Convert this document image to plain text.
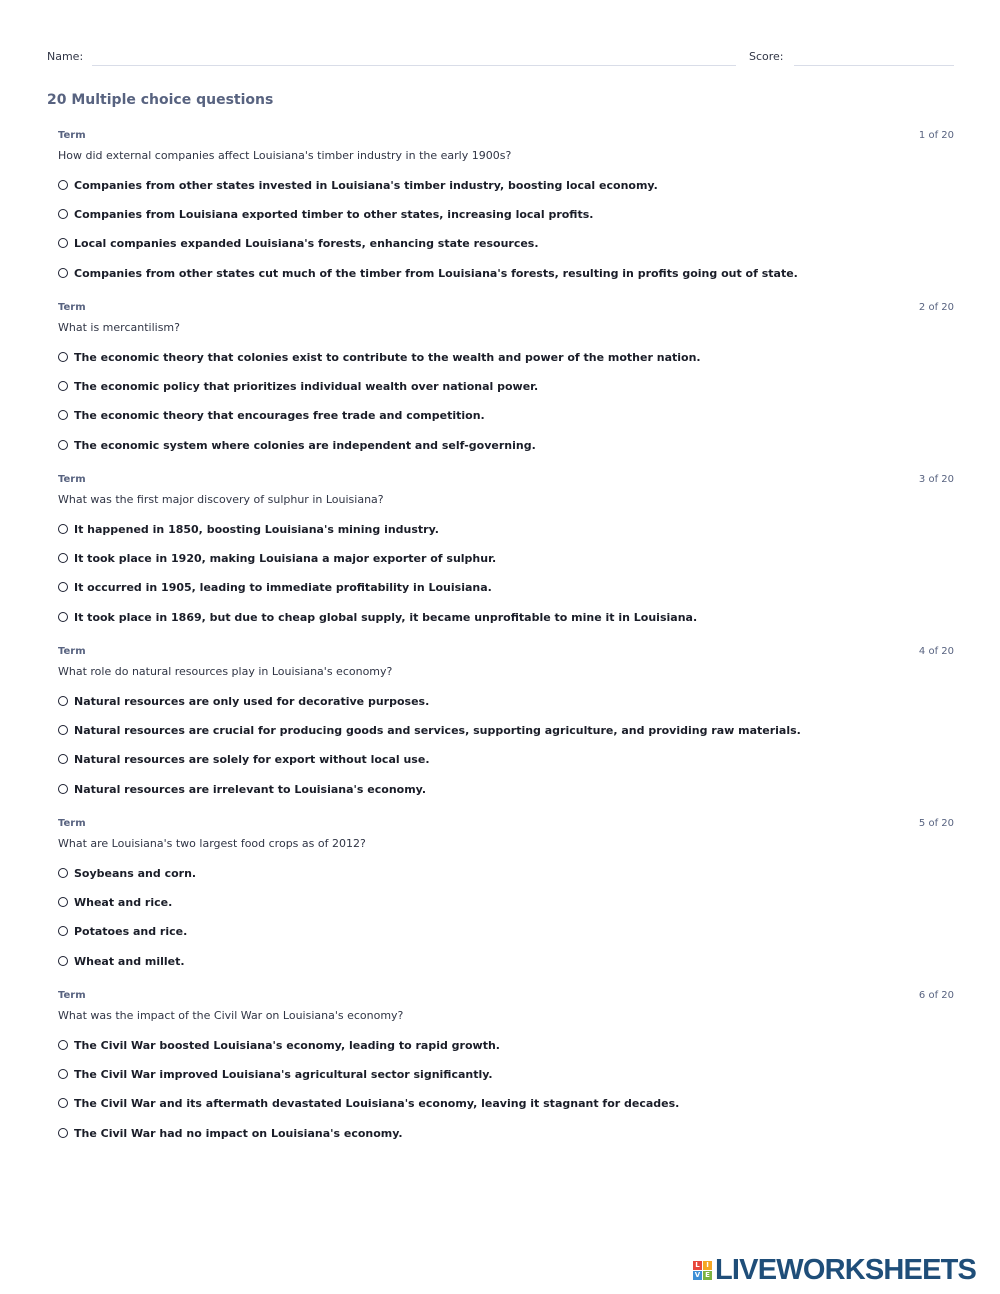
Name:	Score:
20 Multiple choice questions
Term	1 of 20
How did external companies affect Louisiana's timber industry in the early 1900s?
Companies from other states invested in Louisiana's timber industry, boosting local economy.
Companies from Louisiana exported timber to other states, increasing local profits.
Local companies expanded Louisiana's forests, enhancing state resources.
Companies from other states cut much of the timber from Louisiana's forests, resulting in profits going out of state.
Term	2 of 20
What is mercantilism?
The economic theory that colonies exist to contribute to the wealth and power of the mother nation.
The economic policy that prioritizes individual wealth over national power.
The economic theory that encourages free trade and competition.
The economic system where colonies are independent and self-governing.
Term	3 of 20
What was the first major discovery of sulphur in Louisiana?
It happened in 1850, boosting Louisiana's mining industry.
It took place in 1920, making Louisiana a major exporter of sulphur.
It occurred in 1905, leading to immediate profitability in Louisiana.
It took place in 1869, but due to cheap global supply, it became unprofitable to mine it in Louisiana.
Term	4 of 20
What role do natural resources play in Louisiana's economy?
Natural resources are only used for decorative purposes.
Natural resources are crucial for producing goods and services, supporting agriculture, and providing raw materials.
Natural resources are solely for export without local use.
Natural resources are irrelevant to Louisiana's economy.
Term	5 of 20
What are Louisiana's two largest food crops as of 2012?
Soybeans and corn.
Wheat and rice.
Potatoes and rice.
Wheat and millet.
Term	6 of 20
What was the impact of the Civil War on Louisiana's economy?
The Civil War boosted Louisiana's economy, leading to rapid growth.
The Civil War improved Louisiana's agricultural sector significantly.
The Civil War and its aftermath devastated Louisiana's economy, leaving it stagnant for decades.
The Civil War had no impact on Louisiana's economy.
L I
V E LIVEWORKSHEETS
